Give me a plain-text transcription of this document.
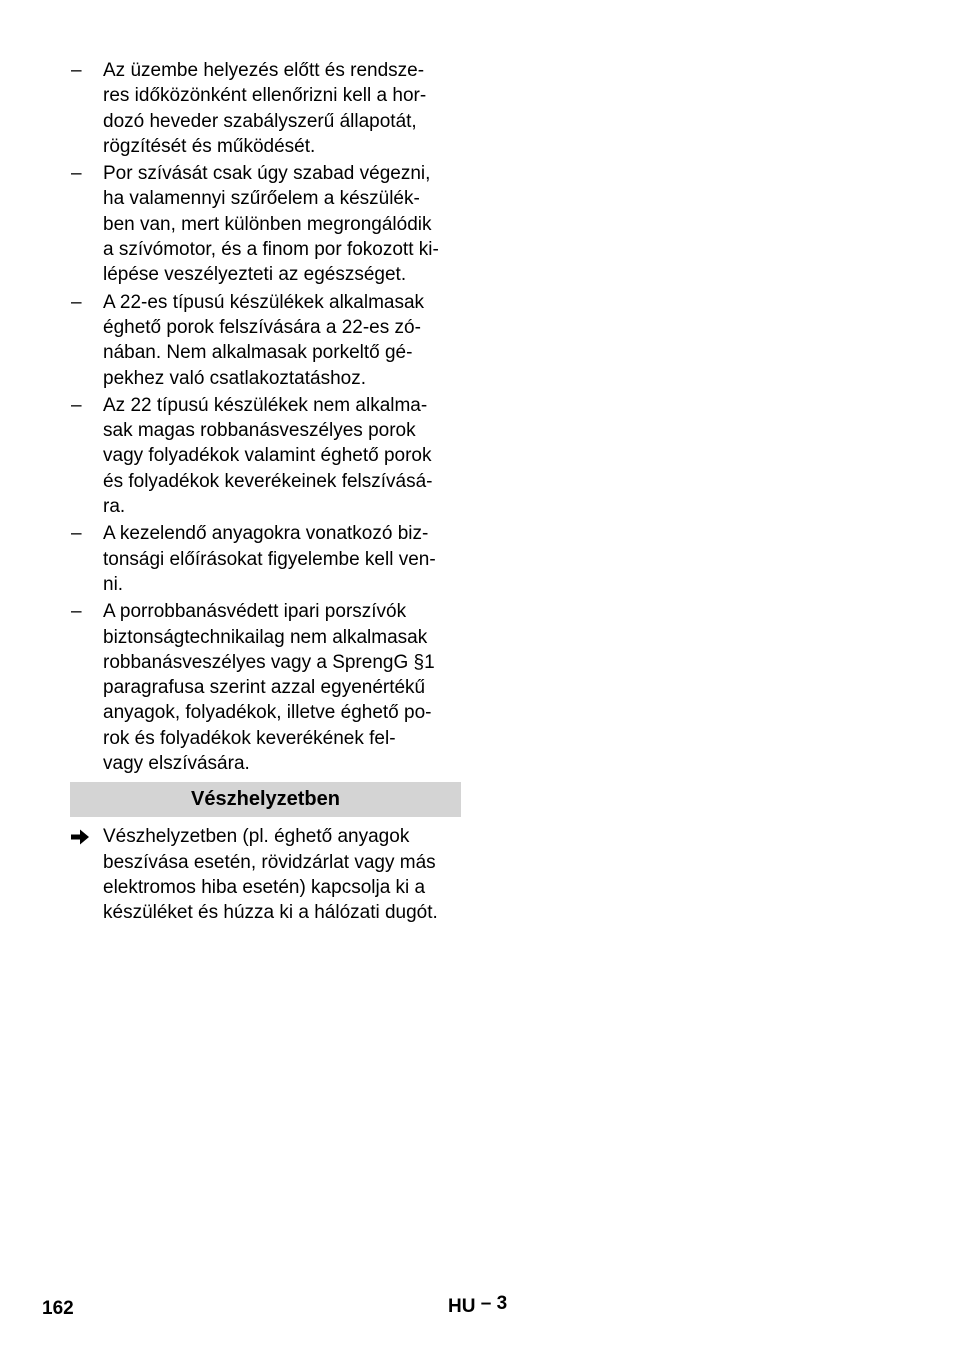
–	Az üzembe helyezés előtt és rendsze-
res időközönként ellenőrizni kell a hor-
dozó heveder szabályszerű állapotát,
rögzítését és működését.
–	Por szívását csak úgy szabad végezni,
ha valamennyi szűrőelem a készülék-
ben van, mert különben megrongálódik
a szívómotor, és a finom por fokozott ki-
lépése veszélyezteti az egészséget.
–	A 22-es típusú készülékek alkalmasak
éghető porok felszívására a 22-es zó-
nában. Nem alkalmasak porkeltő gé-
pekhez való csatlakoztatáshoz.
–	Az 22 típusú készülékek nem alkalma-
sak magas robbanásveszélyes porok
vagy folyadékok valamint éghető porok
és folyadékok keverékeinek felszívásá-
ra.
–	A kezelendő anyagokra vonatkozó biz-
tonsági előírásokat figyelembe kell ven-
ni.
–	A porrobbanásvédett ipari porszívók
biztonságtechnikailag nem alkalmasak
robbanásveszélyes vagy a SprengG §1
paragrafusa szerint azzal egyenértékű
anyagok, folyadékok, illetve éghető po-
rok és folyadékok keverékének fel-
vagy elszívására.
Vészhelyzetben
Vészhelyzetben (pl. éghető anyagok
beszívása esetén, rövidzárlat vagy más
elektromos hiba esetén) kapcsolja ki a
készüléket és húzza ki a hálózati dugót.
162	HU – 3
